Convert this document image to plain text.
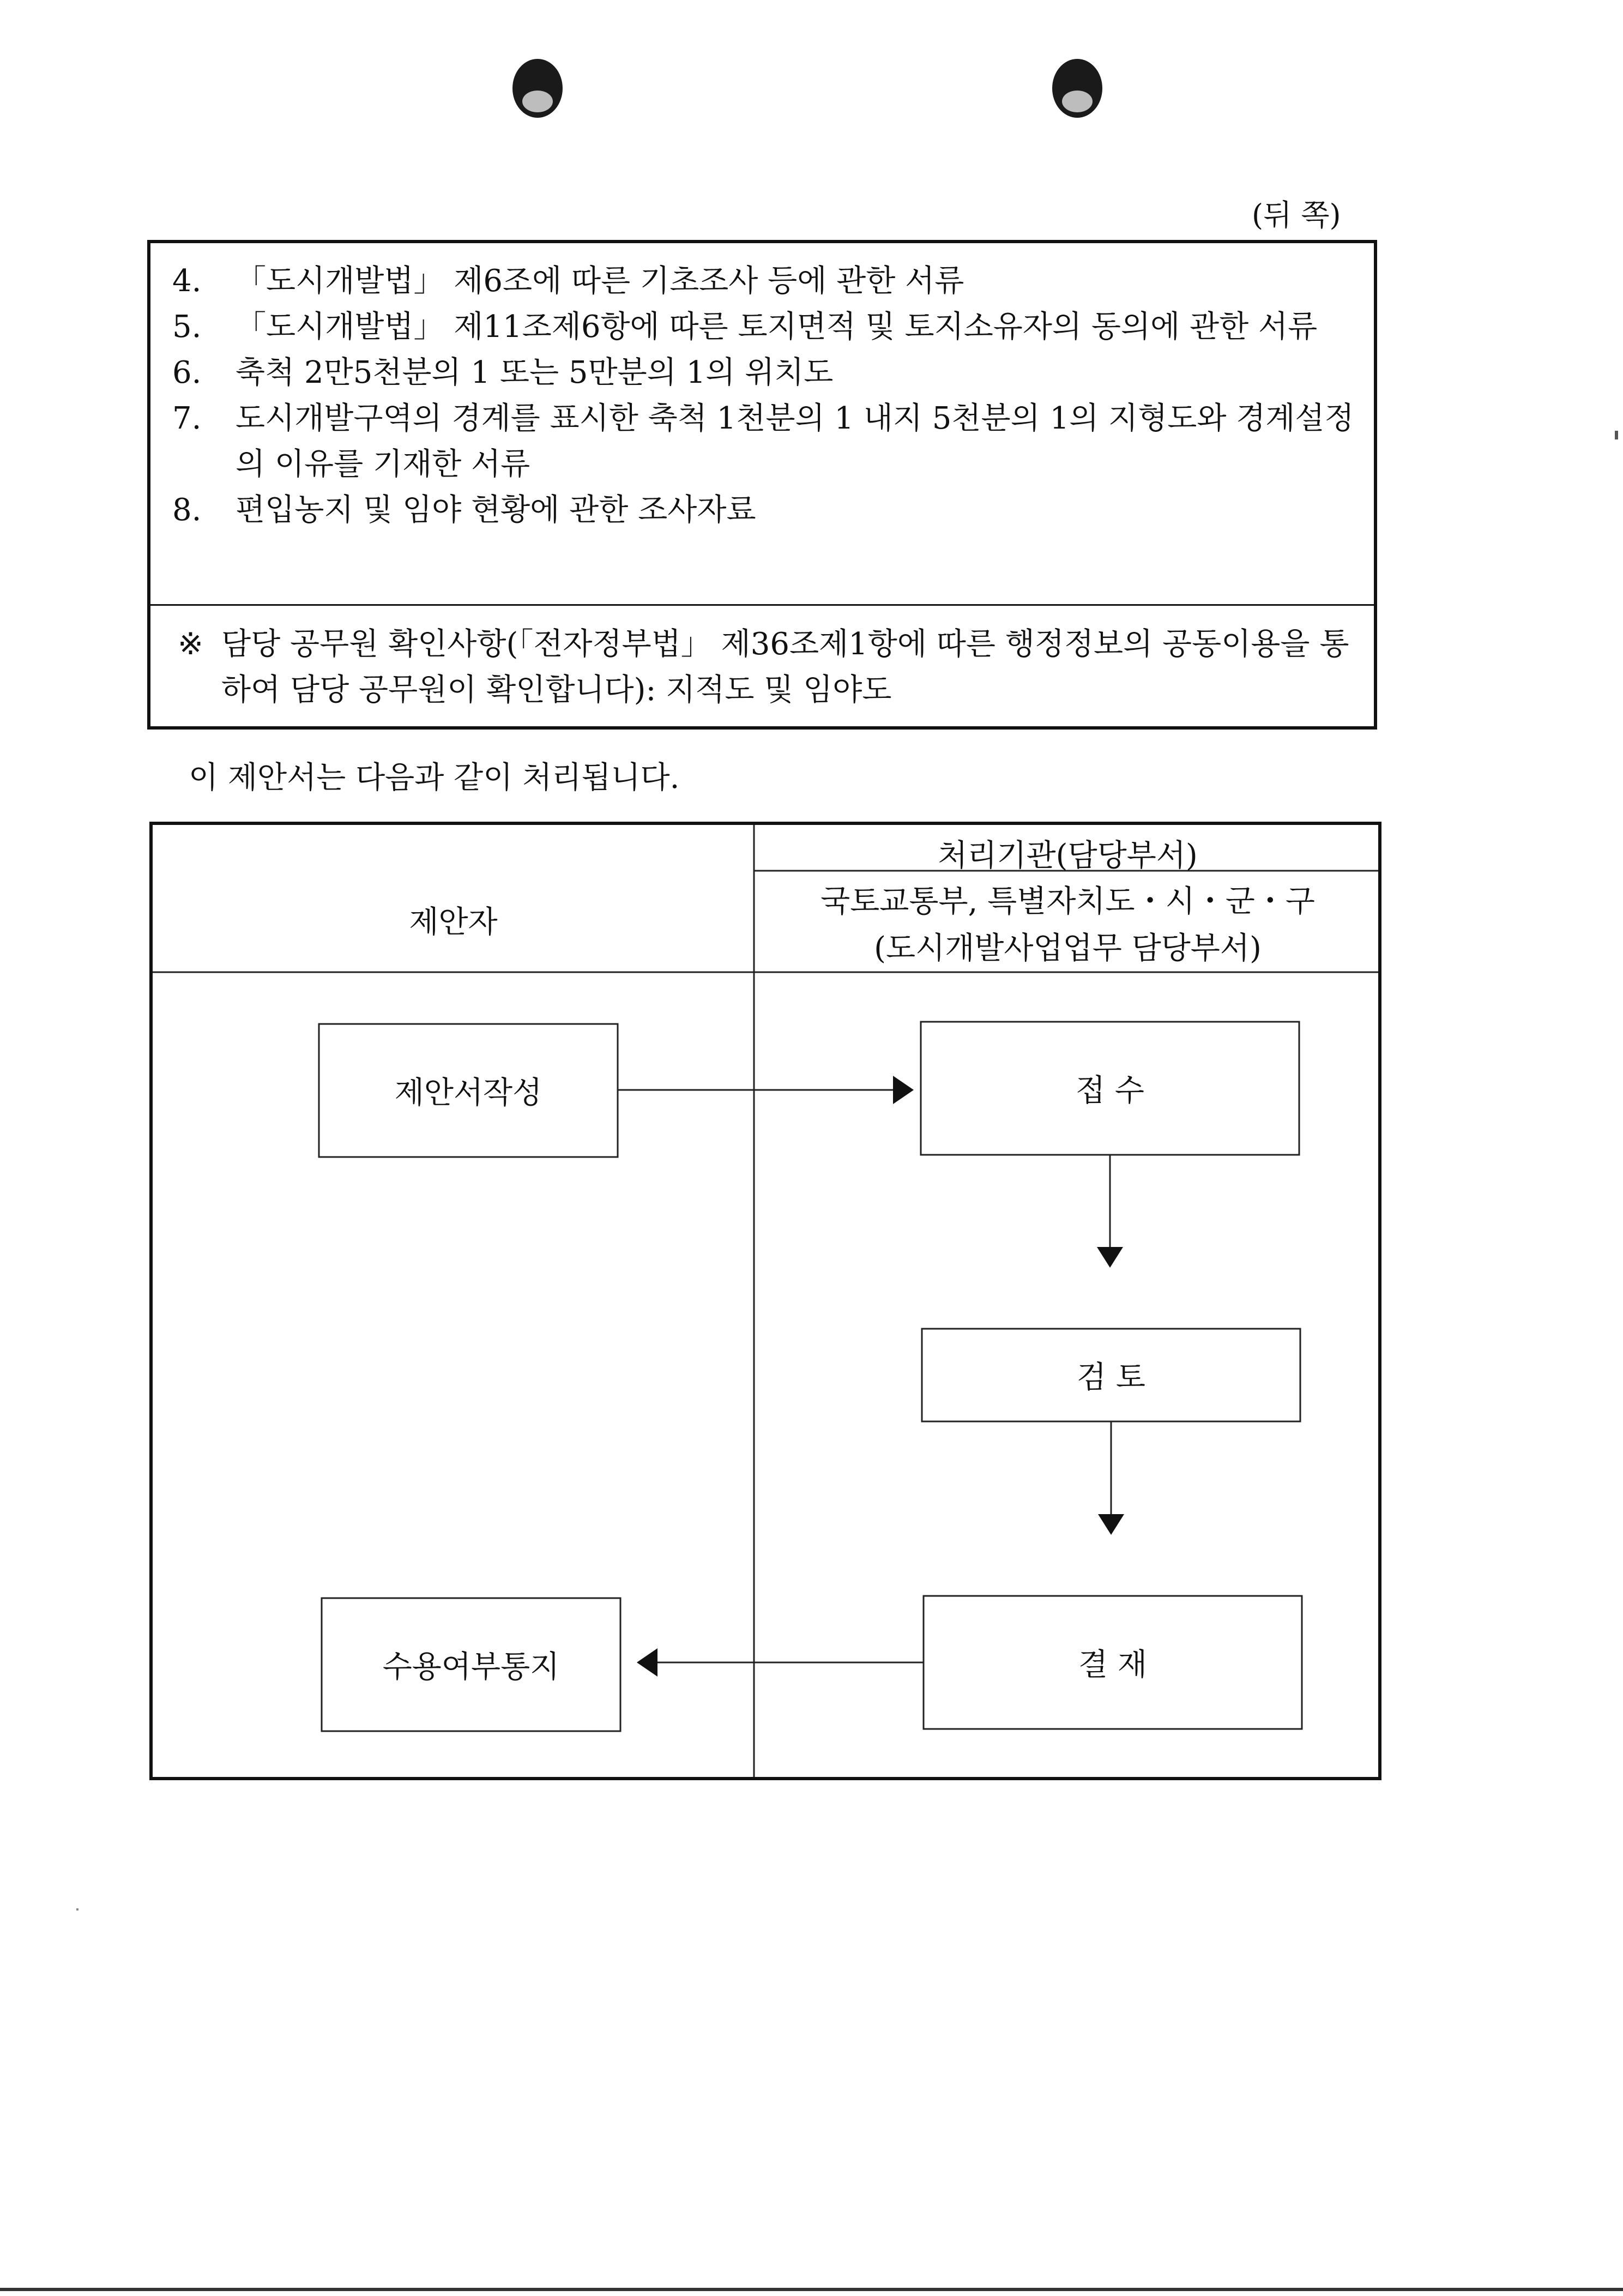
(뒤 쪽)
4.	「도시개발법」 제6조에 따른 기초조사 등에 관한 서류
5.	「도시개발법」 제11조제6항에 따른 토지면적 및 토지소유자의 동의에 관한 서류
6.	축척 2만5천분의 1 또는 5만분의 1의 위치도
7.	도시개발구역의 경계를 표시한 축척 1천분의 1 내지 5천분의 1의 지형도와 경계설정의 이유를 기재한 서류
8.	편입농지 및 임야 현황에 관한 조사자료
※ 담당 공무원 확인사항(「전자정부법」 제36조제1항에 따른 행정정보의 공동이용을 통하여 담당 공무원이 확인합니다): 지적도 및 임야도
이 제안서는 다음과 같이 처리됩니다.
제안자
처리기관(담당부서)
국토교통부, 특별자치도・시・군・구
(도시개발사업업무 담당부서)
제안서작성	접 수
검 토
결 재
수용여부통지
